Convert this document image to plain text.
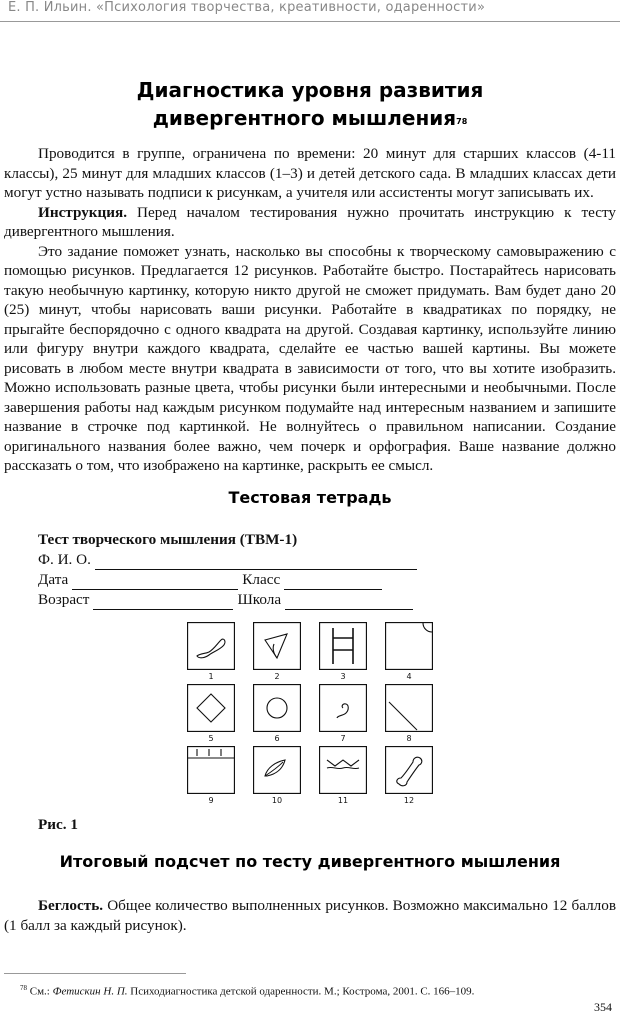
Е. П. Ильин. «Психология творчества, креативности, одаренности»
Диагностика уровня развития
дивергентного мышления$^{78}$

Проводится в группе, ограничена по времени: 20 минут для старших классов (4-11 классы), 25 минут для младших классов (1–3) и детей детского сада. В младших классах дети могут устно называть подписи к рисункам, а учителя или ассистенты могут записывать их.

Инструкция. Перед началом тестирования нужно прочитать инструкцию к тесту дивергентного мышления.

Это задание поможет узнать, насколько вы способны к творческому самовыражению с помощью рисунков. Предлагается 12 рисунков. Работайте быстро. Постарайтесь нарисовать такую необычную картинку, которую никто другой не сможет придумать. Вам будет дано 20 (25) минут, чтобы нарисовать ваши рисунки. Работайте в квадратиках по порядку, не прыгайте беспорядочно с одного квадрата на другой. Создавая картинку, используйте линию или фигуру внутри каждого квадрата, сделайте ее частью вашей картины. Вы можете рисовать в любом месте внутри квадрата в зависимости от того, что вы хотите изобразить. Можно использовать разные цвета, чтобы рисунки были интересными и необычными. После завершения работы над каждым рисунком подумайте над интересным названием и запишите название в строчке под картинкой. Не волнуйтесь о правильном написании. Создание оригинального названия более важно, чем почерк и орфография. Ваше название должно рассказать о том, что изображено на картинке, раскрыть ее смысл.

Тестовая тетрадь
Тест творческого мышления (ТВМ-1)
Ф. И. О.
Дата	Класс
Возраст	Школа
1	2	3	4
5	6	7	8
9	10	11	12
Рис. 1
Итоговый подсчет по тесту дивергентного мышления

Беглость. Общее количество выполненных рисунков. Возможно максимально 12 баллов (1 балл за каждый рисунок).

$^{78}$ См.: Фетискин Н. П. Психодиагностика детской одаренности. М.; Кострома, 2001. С. 166–109.
354
